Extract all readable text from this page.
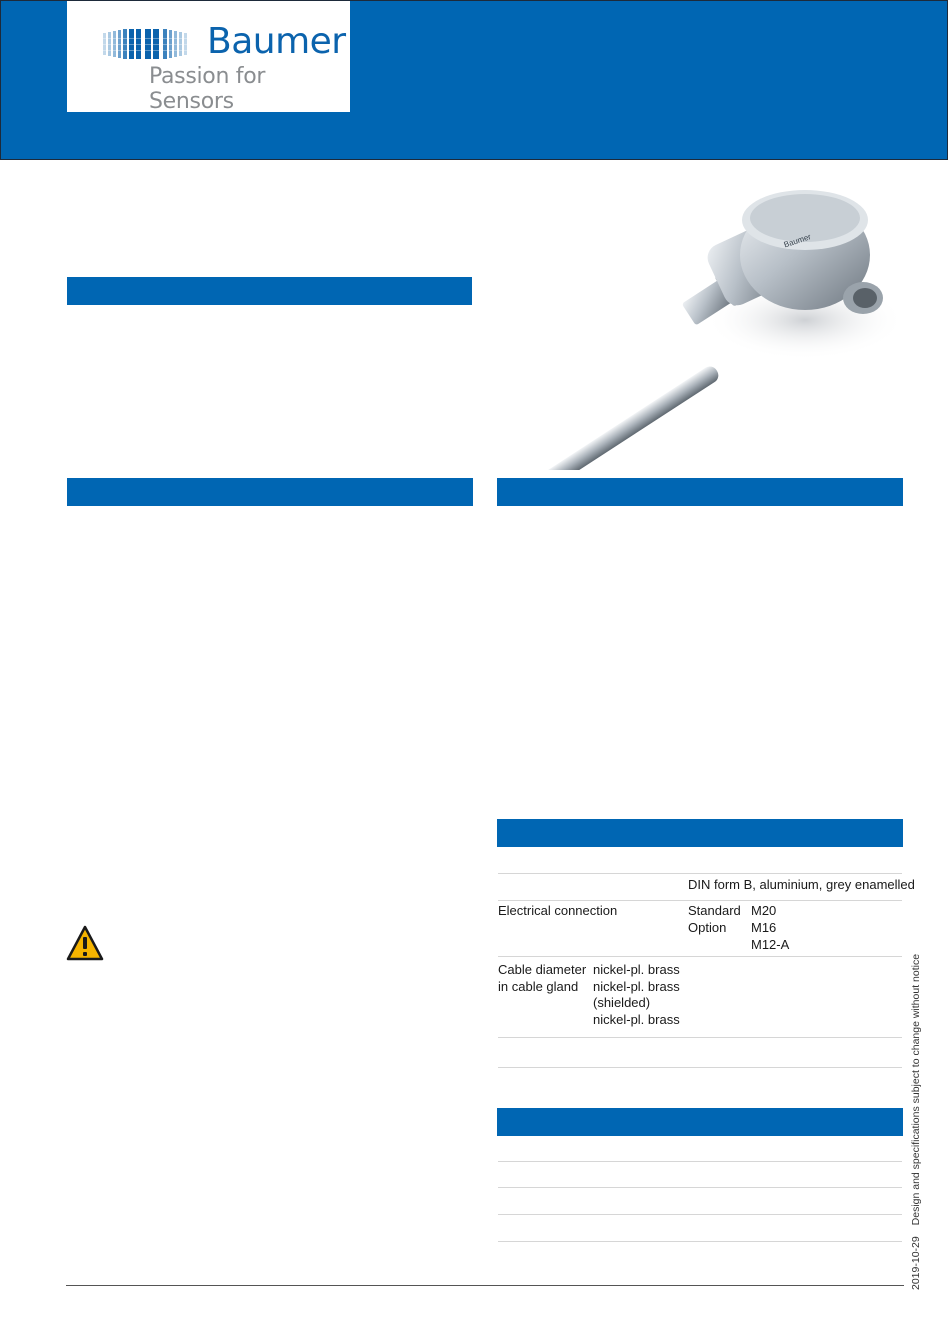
Baumer
Passion for Sensors
Baumer
DIN form B, aluminium, grey enamelled
Electrical connection	Standard M20
Option M16
M12-A
Cable diameter
in cable gland
nickel-pl. brass
nickel-pl. brass
(shielded)
nickel-pl. brass
2019-10-29 Design and specifications subject to change without notice
